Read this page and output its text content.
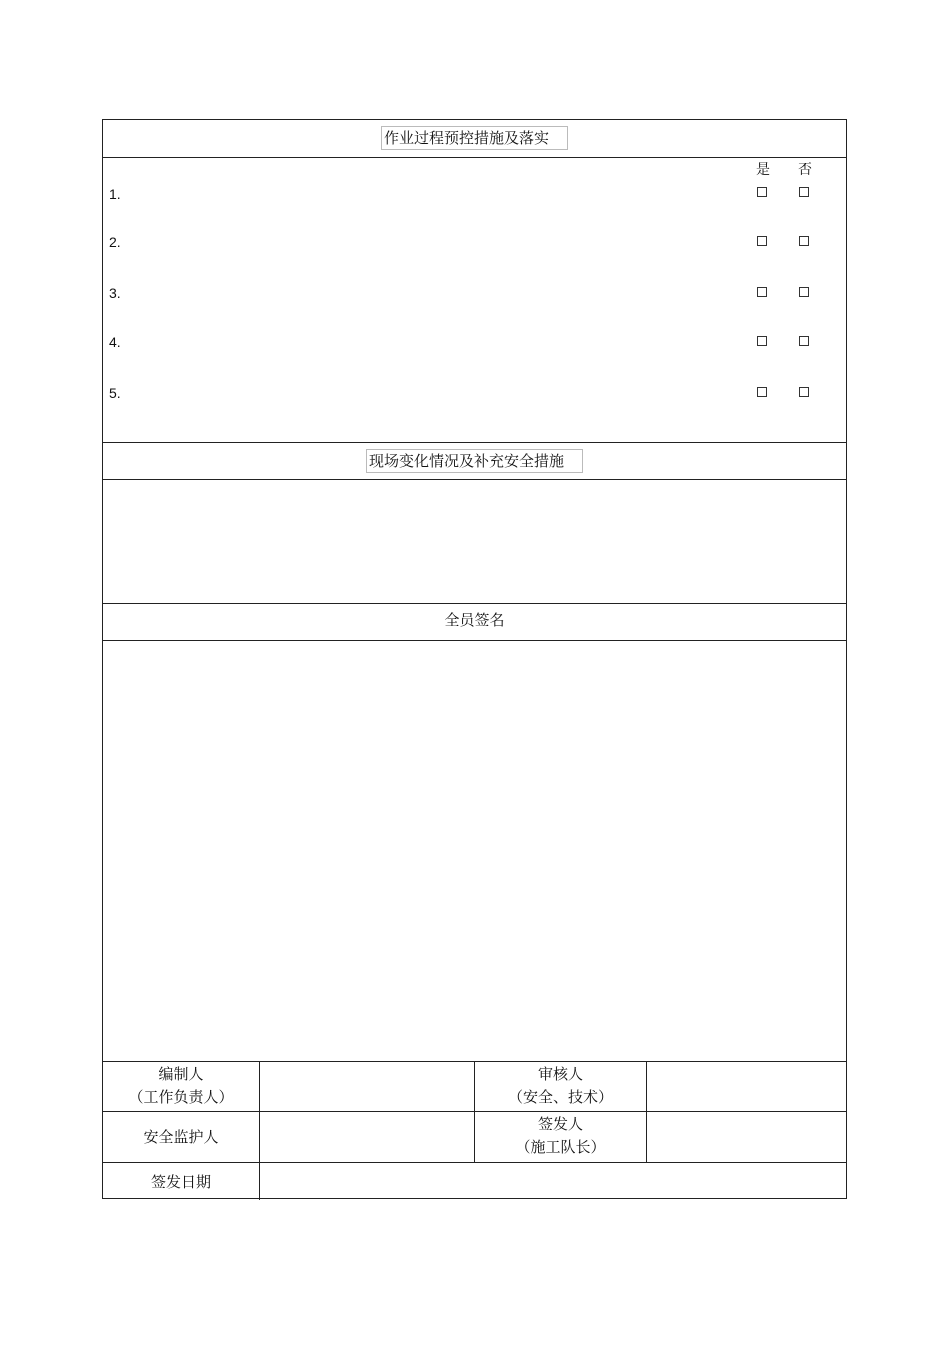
作业过程预控措施及落实
是 否
1.
2.
3.
4.
5.
现场变化情况及补充安全措施
全员签名
编制人
（工作负责人）
审核人
（安全、技术）
安全监护人
签发人
（施工队长）
签发日期
